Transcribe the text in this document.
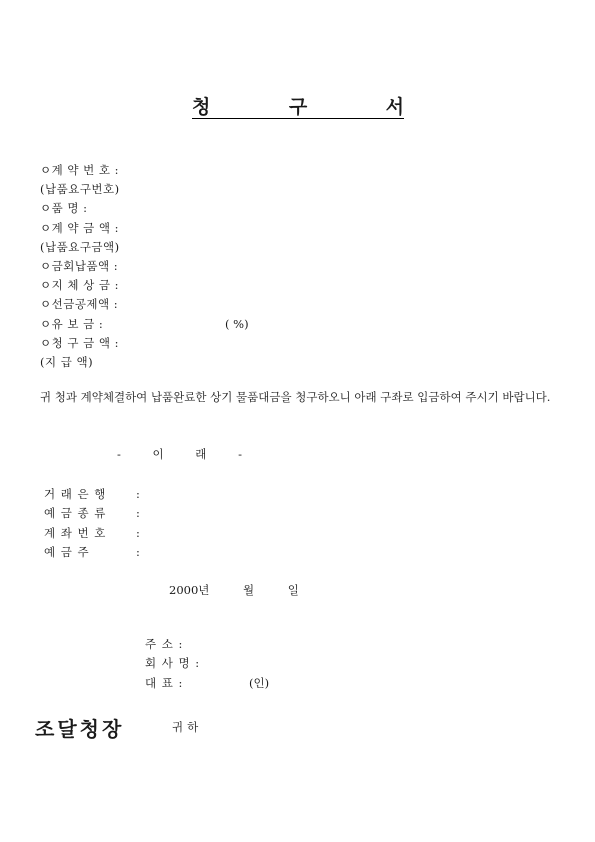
청	구	서
ㅇ계 약 번 호 :
(납품요구번호)
ㅇ품 명 :
ㅇ계 약 금 액 :
(납품요구금액)
ㅇ금회납품액 :
ㅇ지 체 상 금 :
ㅇ선금공제액 :
ㅇ유 보 금 :	( %)
ㅇ청 구 금 액 :
(지 급 액)
귀 청과 계약체결하여 납품완료한 상기 물품대금을 청구하오니 아래 구좌로 입금하여 주시기 바랍니다.
- 이 래 -
거 래 은 행	:
예 금 종 류	:
계 좌 번 호	:
예 금 주	:
2000년 월 일
주 소 :
회 사 명 :
대 표 :	(인)
조달청장	귀하
